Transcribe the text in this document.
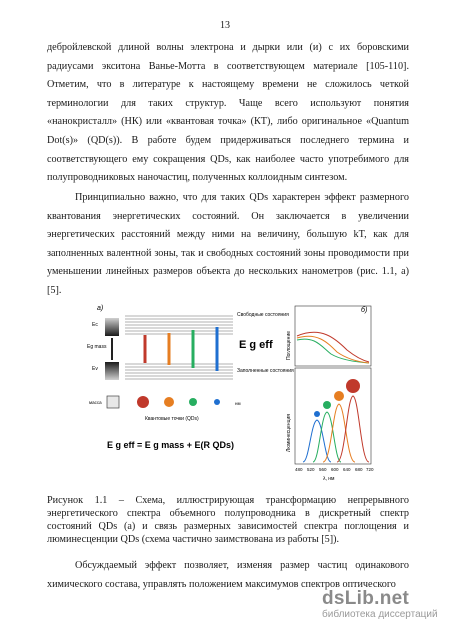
13

дебройлевской длиной волны электрона и дырки или (и) с их боровскими радиусами экситона Ванье-Мотта в соответствующем материале [105-110]. Отметим, что в литературе к настоящему времени не сложилось четкой терминологии для таких структур. Чаще всего используют понятия «нанокристалл» (НК) или «квантовая точка» (КТ), либо оригинальное «Quantum Dot(s)» (QD(s)). В работе будем придерживаться последнего термина и соответствующего ему сокращения QDs, как наиболее часто употребимого для полупроводниковых наночастиц, полученных коллоидным синтезом.

Принципиально важно, что для таких QDs характерен эффект размерного квантования энергетических состояний. Он заключается в увеличении энергетических расстояний между ними на величину, большую kT, как для заполненных валентной зоны, так и свободных состояний зоны проводимости при уменьшении линейных размеров объекта до нескольких нанометров (рис. 1.1, а) [5].

а)
Ec
Eg mass
Ev
Свободные состояния
Заполненные состояния
E g eff
масса	нм
Квантовые точки (QDs)
E g eff = E g mass + E(R QDs)
б)
Поглощение
Люминесценция
480 520 560 600 640 680 720
λ, нм

Рисунок 1.1 – Схема, иллюстрирующая трансформацию непрерывного энергетического спектра объемного полупроводника в дискретный спектр состояний QDs (а) и связь размерных зависимостей спектра поглощения и люминесценции QDs (схема частично заимствована из работы [5]).

Обсуждаемый эффект позволяет, изменяя размер частиц одинакового химического состава, управлять положением максимумов спектров оптического

dsLib.net
библиотека диссертаций
